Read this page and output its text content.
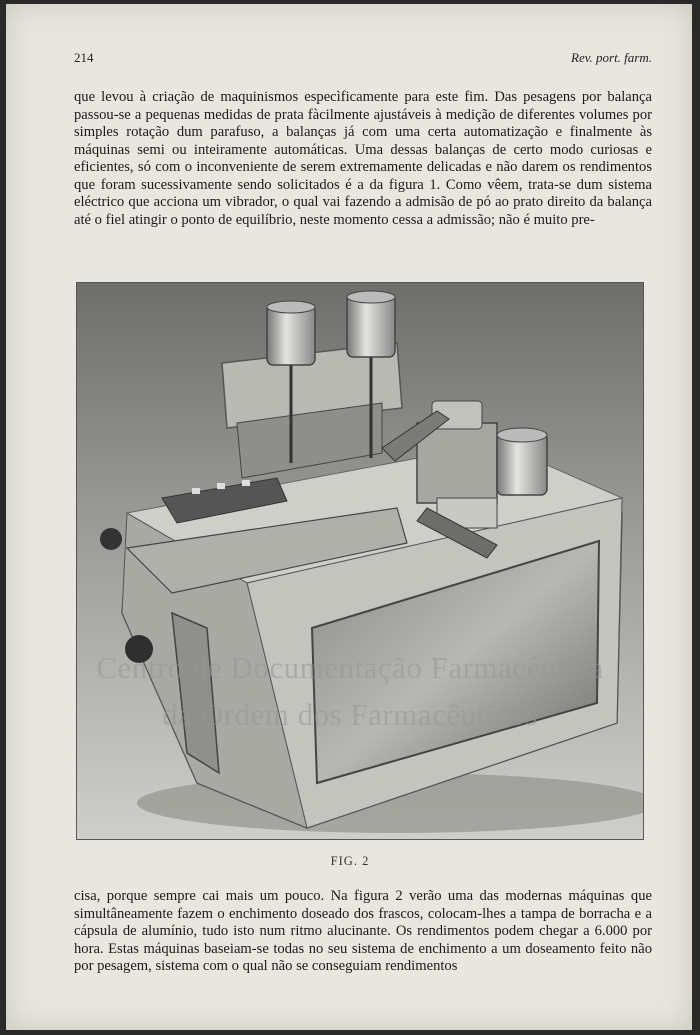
214	Rev. port. farm.

que levou à criação de maquinismos especìficamente para este fim. Das pesagens por balança passou-se a pequenas medidas de prata fàcilmente ajustáveis à medição de diferentes volumes por simples rotação dum parafuso, a balanças já com uma certa automatização e finalmente às máquinas semi ou inteiramente automáticas. Uma dessas balanças de certo modo curiosas e eficientes, só com o inconveniente de serem extremamente delicadas e não darem os rendimentos que foram sucessivamente sendo solicitados é a da figura 1. Como vêem, trata-se dum sistema eléctrico que acciona um vibrador, o qual vai fazendo a admisão de pó ao prato direito da balança até o fiel atingir o ponto de equilíbrio, neste momento cessa a admissão; não é muito pre-

FIG. 2
Centro de Documentação Farmacêutica
da Ordem dos Farmacêuticos

cisa, porque sempre cai mais um pouco. Na figura 2 verão uma das modernas máquinas que simultâneamente fazem o enchimento doseado dos frascos, colocam-lhes a tampa de borracha e a cápsula de alumínio, tudo isto num ritmo alucinante. Os rendimentos podem chegar a 6.000 por hora. Estas máquinas baseiam-se todas no seu sistema de enchimento a um doseamento feito não por pesagem, sistema com o qual não se conseguiam rendimentos
